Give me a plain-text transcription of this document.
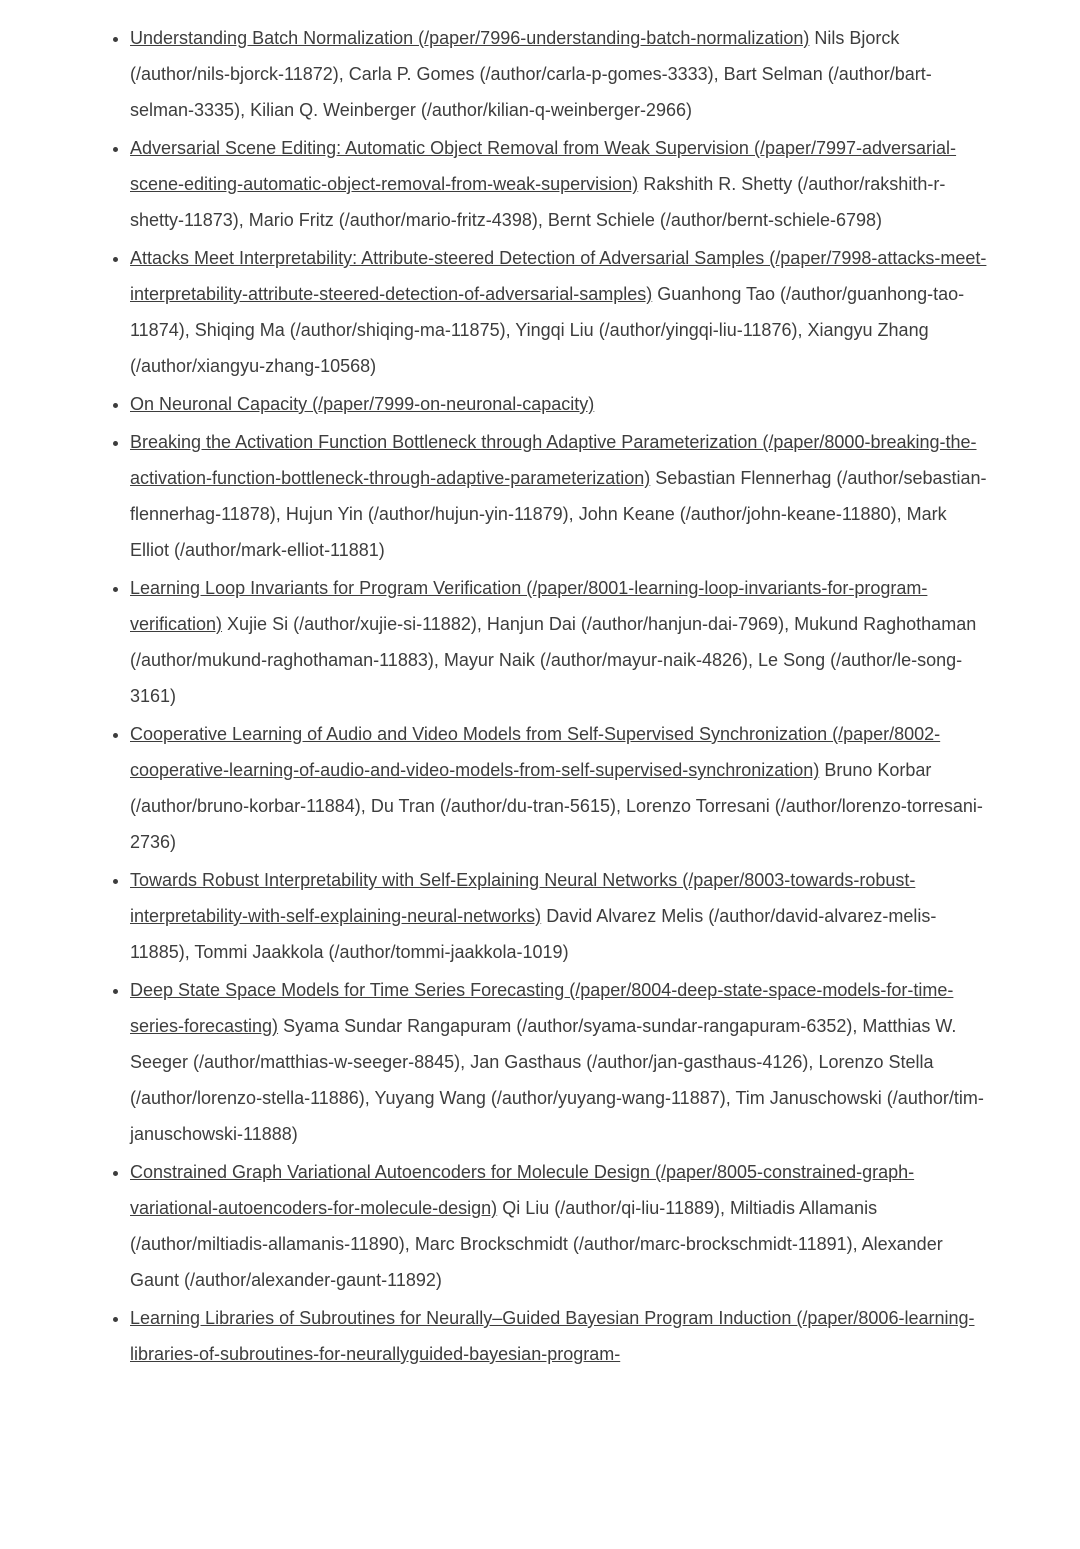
• Understanding Batch Normalization (/paper/7996-understanding-batch-normalization) Nils Bjorck (/author/nils-bjorck-11872), Carla P. Gomes (/author/carla-p-gomes-3333), Bart Selman (/author/bart-selman-3335), Kilian Q. Weinberger (/author/kilian-q-weinberger-2966)
• Adversarial Scene Editing: Automatic Object Removal from Weak Supervision (/paper/7997-adversarial-scene-editing-automatic-object-removal-from-weak-supervision) Rakshith R. Shetty (/author/rakshith-r-shetty-11873), Mario Fritz (/author/mario-fritz-4398), Bernt Schiele (/author/bernt-schiele-6798)
• Attacks Meet Interpretability: Attribute-steered Detection of Adversarial Samples (/paper/7998-attacks-meet-interpretability-attribute-steered-detection-of-adversarial-samples) Guanhong Tao (/author/guanhong-tao-11874), Shiqing Ma (/author/shiqing-ma-11875), Yingqi Liu (/author/yingqi-liu-11876), Xiangyu Zhang (/author/xiangyu-zhang-10568)
• On Neuronal Capacity (/paper/7999-on-neuronal-capacity)
• Breaking the Activation Function Bottleneck through Adaptive Parameterization (/paper/8000-breaking-the-activation-function-bottleneck-through-adaptive-parameterization) Sebastian Flennerhag (/author/sebastian-flennerhag-11878), Hujun Yin (/author/hujun-yin-11879), John Keane (/author/john-keane-11880), Mark Elliot (/author/mark-elliot-11881)
• Learning Loop Invariants for Program Verification (/paper/8001-learning-loop-invariants-for-program-verification) Xujie Si (/author/xujie-si-11882), Hanjun Dai (/author/hanjun-dai-7969), Mukund Raghothaman (/author/mukund-raghothaman-11883), Mayur Naik (/author/mayur-naik-4826), Le Song (/author/le-song-3161)
• Cooperative Learning of Audio and Video Models from Self-Supervised Synchronization (/paper/8002-cooperative-learning-of-audio-and-video-models-from-self-supervised-synchronization) Bruno Korbar (/author/bruno-korbar-11884), Du Tran (/author/du-tran-5615), Lorenzo Torresani (/author/lorenzo-torresani-2736)
• Towards Robust Interpretability with Self-Explaining Neural Networks (/paper/8003-towards-robust-interpretability-with-self-explaining-neural-networks) David Alvarez Melis (/author/david-alvarez-melis-11885), Tommi Jaakkola (/author/tommi-jaakkola-1019)
• Deep State Space Models for Time Series Forecasting (/paper/8004-deep-state-space-models-for-time-series-forecasting) Syama Sundar Rangapuram (/author/syama-sundar-rangapuram-6352), Matthias W. Seeger (/author/matthias-w-seeger-8845), Jan Gasthaus (/author/jan-gasthaus-4126), Lorenzo Stella (/author/lorenzo-stella-11886), Yuyang Wang (/author/yuyang-wang-11887), Tim Januschowski (/author/tim-januschowski-11888)
• Constrained Graph Variational Autoencoders for Molecule Design (/paper/8005-constrained-graph-variational-autoencoders-for-molecule-design) Qi Liu (/author/qi-liu-11889), Miltiadis Allamanis (/author/miltiadis-allamanis-11890), Marc Brockschmidt (/author/marc-brockschmidt-11891), Alexander Gaunt (/author/alexander-gaunt-11892)
• Learning Libraries of Subroutines for Neurally–Guided Bayesian Program Induction (/paper/8006-learning-libraries-of-subroutines-for-neurallyguided-bayesian-program-
